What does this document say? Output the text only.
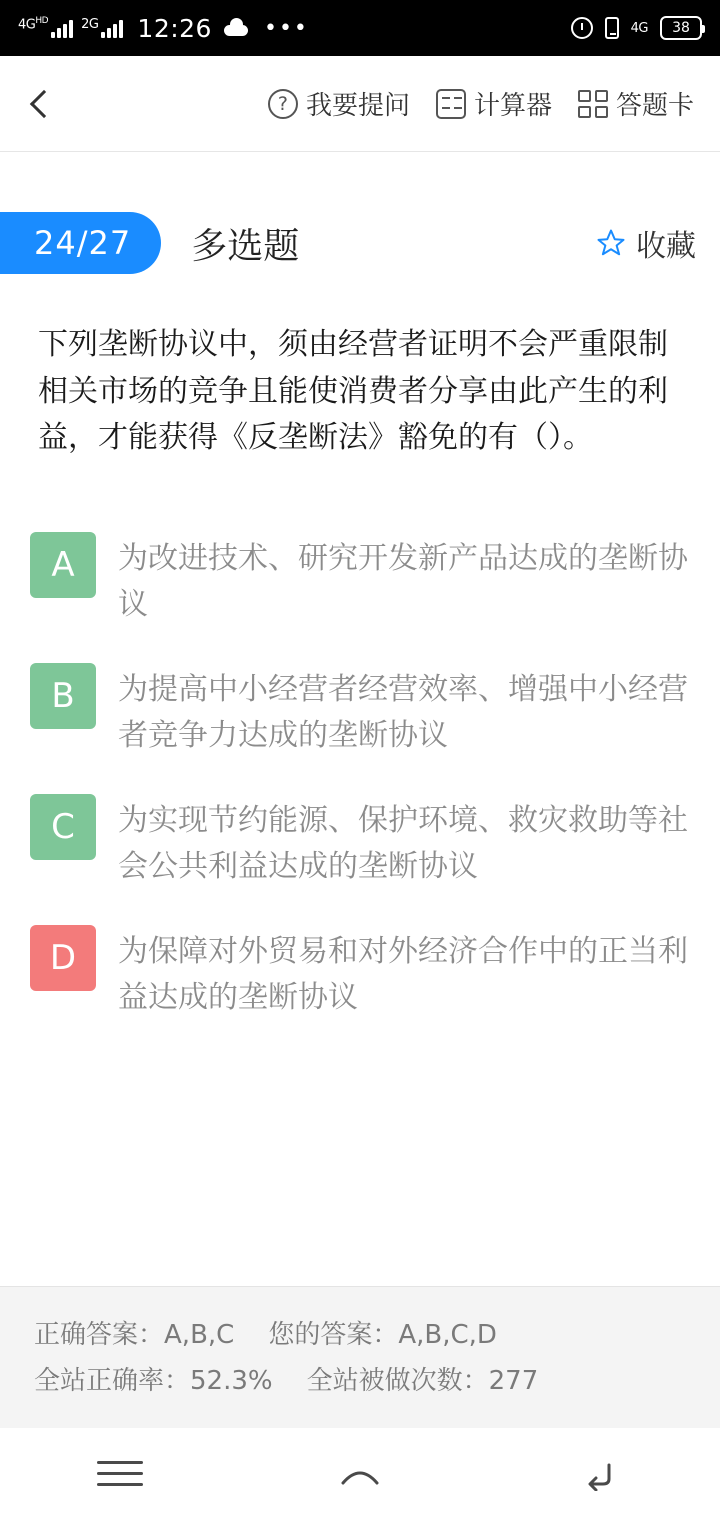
$4G^{HD}$	2G 12:26 •••	4G 38
? 我要提问 计算器 答题卡
24/27	多选题	收藏
下列垄断协议中，须由经营者证明不会严重限制相关市场的竞争且能使消费者分享由此产生的利益，才能获得《反垄断法》豁免的有（）。
A	为改进技术、研究开发新产品达成的垄断协议
B	为提高中小经营者经营效率、增强中小经营者竞争力达成的垄断协议
C	为实现节约能源、保护环境、救灾救助等社会公共利益达成的垄断协议
D	为保障对外贸易和对外经济合作中的正当利益达成的垄断协议
正确答案：A,B,C 您的答案：A,B,C,D
全站正确率：52.3% 全站被做次数：277
